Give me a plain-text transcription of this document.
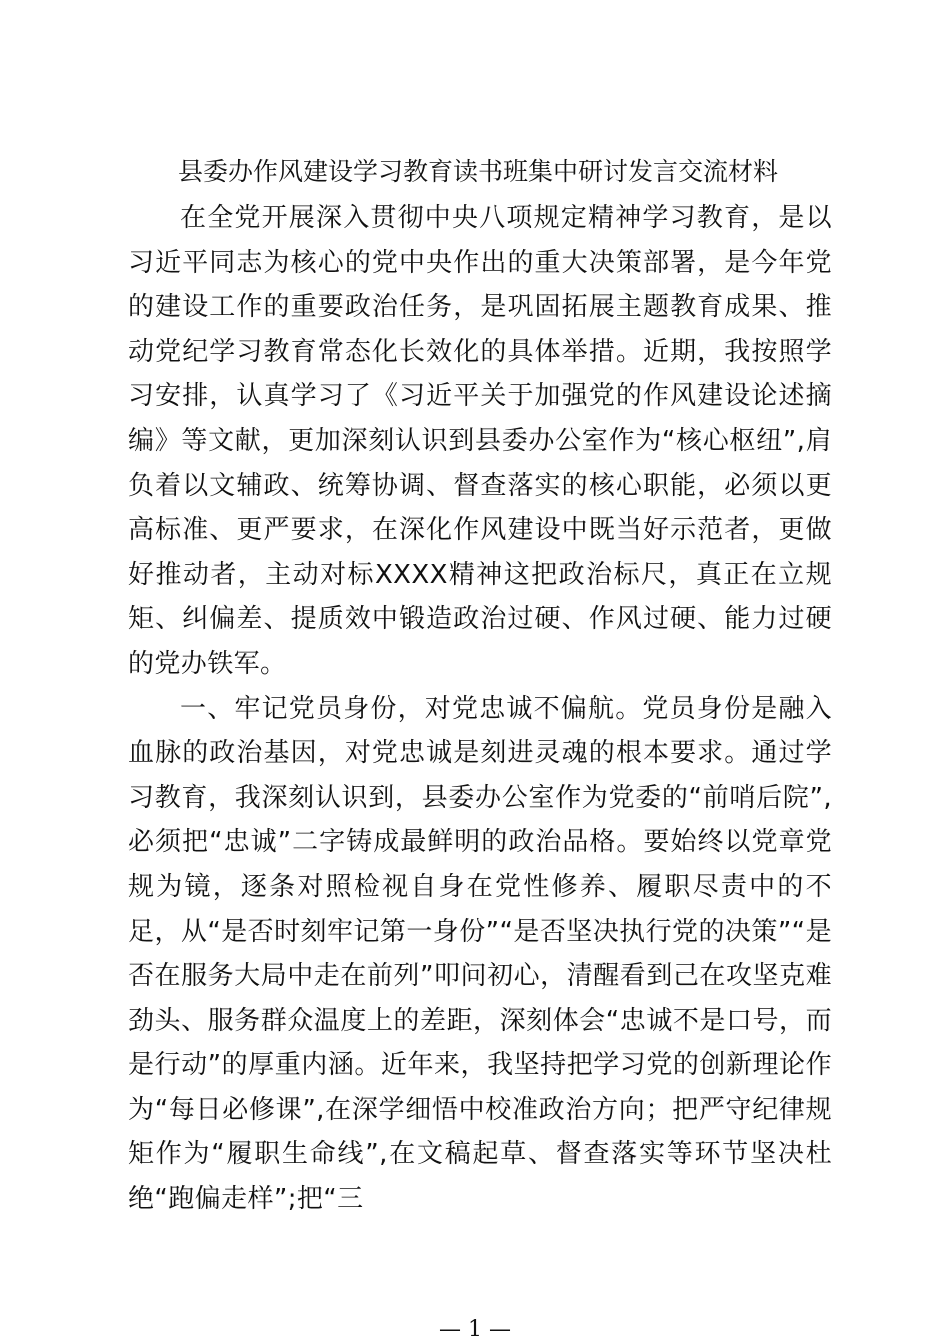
县委办作风建设学习教育读书班集中研讨发言交流材料

在全党开展深入贯彻中央八项规定精神学习教育，是以习近平同志为核心的党中央作出的重大决策部署，是今年党的建设工作的重要政治任务，是巩固拓展主题教育成果、推动党纪学习教育常态化长效化的具体举措。近期，我按照学习安排，认真学习了《习近平关于加强党的作风建设论述摘编》等文献，更加深刻认识到县委办公室作为“核心枢纽”,肩负着以文辅政、统筹协调、督查落实的核心职能，必须以更高标准、更严要求，在深化作风建设中既当好示范者，更做好推动者，主动对标XXXX精神这把政治标尺，真正在立规矩、纠偏差、提质效中锻造政治过硬、作风过硬、能力过硬的党办铁军。

一、牢记党员身份，对党忠诚不偏航。党员身份是融入血脉的政治基因，对党忠诚是刻进灵魂的根本要求。通过学习教育，我深刻认识到，县委办公室作为党委的“前哨后院”,必须把“忠诚”二字铸成最鲜明的政治品格。要始终以党章党规为镜，逐条对照检视自身在党性修养、履职尽责中的不足，从“是否时刻牢记第一身份”“是否坚决执行党的决策”“是否在服务大局中走在前列”叩问初心，清醒看到己在攻坚克难劲头、服务群众温度上的差距，深刻体会“忠诚不是口号，而是行动”的厚重内涵。近年来，我坚持把学习党的创新理论作为“每日必修课”,在深学细悟中校准政治方向；把严守纪律规矩作为“履职生命线”,在文稿起草、督查落实等环节坚决杜绝“跑偏走样”;把“三

— 1 —
